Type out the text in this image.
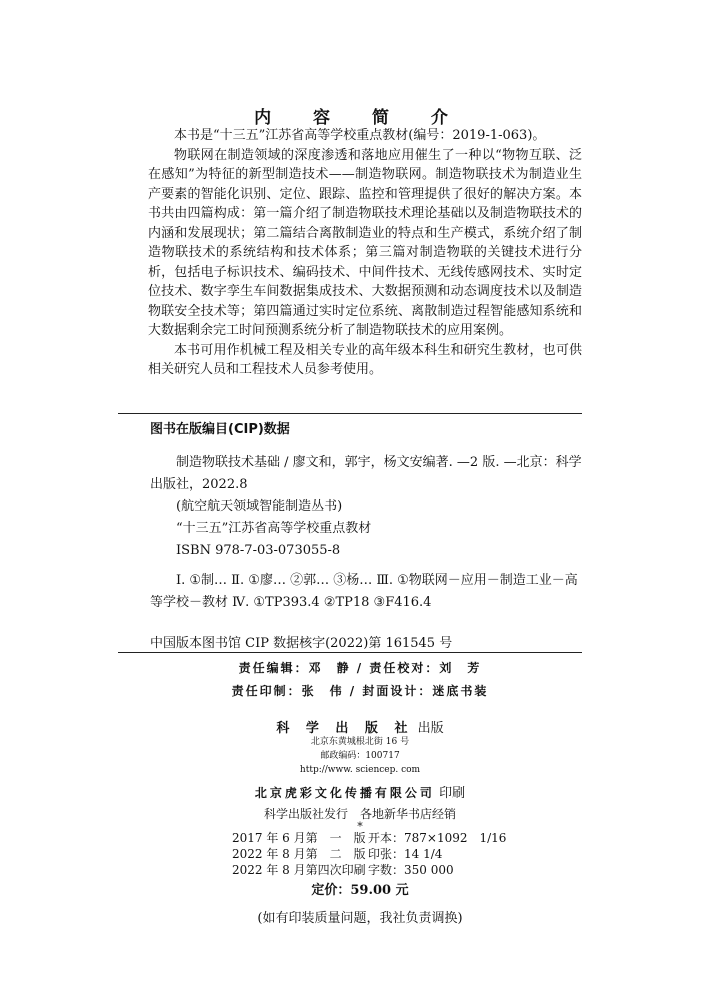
内 容 简 介

本书是“十三五”江苏省高等学校重点教材(编号：2019-1-063)。

物联网在制造领域的深度渗透和落地应用催生了一种以“物物互联、泛在感知”为特征的新型制造技术——制造物联网。制造物联技术为制造业生产要素的智能化识别、定位、跟踪、监控和管理提供了很好的解决方案。本书共由四篇构成：第一篇介绍了制造物联技术理论基础以及制造物联技术的内涵和发展现状；第二篇结合离散制造业的特点和生产模式，系统介绍了制造物联技术的系统结构和技术体系；第三篇对制造物联的关键技术进行分析，包括电子标识技术、编码技术、中间件技术、无线传感网技术、实时定位技术、数字孪生车间数据集成技术、大数据预测和动态调度技术以及制造物联安全技术等；第四篇通过实时定位系统、离散制造过程智能感知系统和大数据剩余完工时间预测系统分析了制造物联技术的应用案例。

本书可用作机械工程及相关专业的高年级本科生和研究生教材，也可供相关研究人员和工程技术人员参考使用。

图书在版编目(CIP)数据

制造物联技术基础 / 廖文和，郭宇，杨文安编著. —2 版. —北京：科学出版社，2022.8

(航空航天领域智能制造丛书)

“十三五”江苏省高等学校重点教材

ISBN 978-7-03-073055-8

Ⅰ. ①制… Ⅱ. ①廖… ②郭… ③杨… Ⅲ. ①物联网－应用－制造工业－高等学校－教材 Ⅳ. ①TP393.4 ②TP18 ③F416.4

中国版本图书馆 CIP 数据核字(2022)第 161545 号
责任编辑：邓　静 / 责任校对：刘　芳
责任印制：张　伟 / 封面设计：迷底书装
科 学 出 版 社 出版
北京东黄城根北街 16 号
邮政编码：100717
http://www. sciencep. com
北京虎彩文化传播有限公司 印刷
科学出版社发行　各地新华书店经销
*
2017 年 6 月第　一　版 开本：787×1092　1/16
2022 年 8 月第　二　版 印张：14 1/4
2022 年 8 月第四次印刷 字数：350 000
定价：59.00 元
(如有印装质量问题，我社负责调换)
